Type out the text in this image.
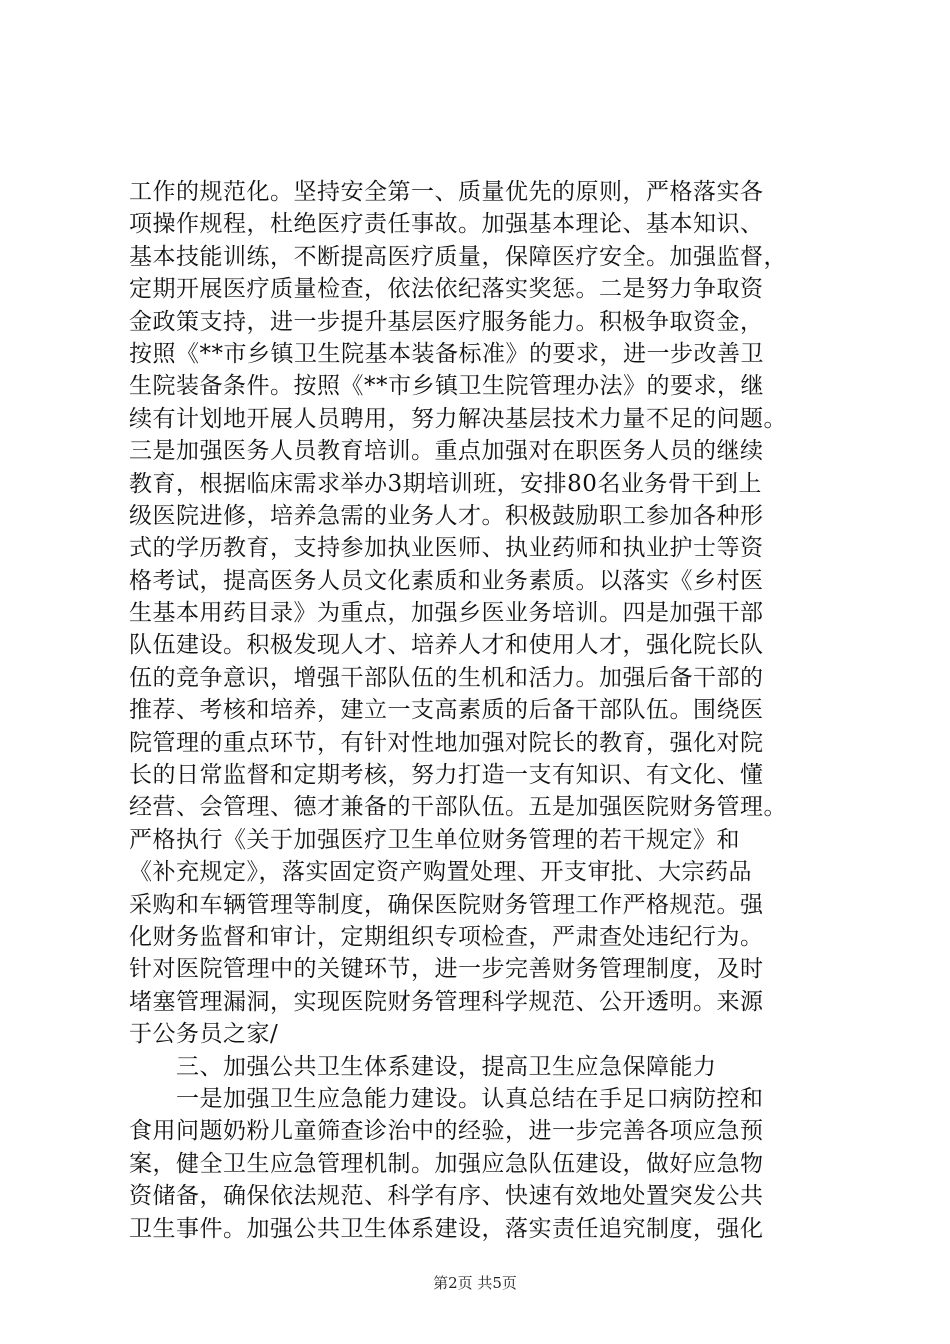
工作的规范化。坚持安全第一、质量优先的原则，严格落实各
项操作规程，杜绝医疗责任事故。加强基本理论、基本知识、
基本技能训练，不断提高医疗质量，保障医疗安全。加强监督，
定期开展医疗质量检查，依法依纪落实奖惩。二是努力争取资
金政策支持，进一步提升基层医疗服务能力。积极争取资金，
按照《**市乡镇卫生院基本装备标准》的要求，进一步改善卫
生院装备条件。按照《**市乡镇卫生院管理办法》的要求，继
续有计划地开展人员聘用，努力解决基层技术力量不足的问题。
三是加强医务人员教育培训。重点加强对在职医务人员的继续
教育，根据临床需求举办3期培训班，安排80名业务骨干到上
级医院进修，培养急需的业务人才。积极鼓励职工参加各种形
式的学历教育，支持参加执业医师、执业药师和执业护士等资
格考试，提高医务人员文化素质和业务素质。以落实《乡村医
生基本用药目录》为重点，加强乡医业务培训。四是加强干部
队伍建设。积极发现人才、培养人才和使用人才，强化院长队
伍的竞争意识，增强干部队伍的生机和活力。加强后备干部的
推荐、考核和培养，建立一支高素质的后备干部队伍。围绕医
院管理的重点环节，有针对性地加强对院长的教育，强化对院
长的日常监督和定期考核，努力打造一支有知识、有文化、懂
经营、会管理、德才兼备的干部队伍。五是加强医院财务管理。
严格执行《关于加强医疗卫生单位财务管理的若干规定》和
《补充规定》，落实固定资产购置处理、开支审批、大宗药品
采购和车辆管理等制度，确保医院财务管理工作严格规范。强
化财务监督和审计，定期组织专项检查，严肃查处违纪行为。
针对医院管理中的关键环节，进一步完善财务管理制度，及时
堵塞管理漏洞，实现医院财务管理科学规范、公开透明。来源
于公务员之家/
　　三、加强公共卫生体系建设，提高卫生应急保障能力
　　一是加强卫生应急能力建设。认真总结在手足口病防控和
食用问题奶粉儿童筛查诊治中的经验，进一步完善各项应急预
案，健全卫生应急管理机制。加强应急队伍建设，做好应急物
资储备，确保依法规范、科学有序、快速有效地处置突发公共
卫生事件。加强公共卫生体系建设，落实责任追究制度，强化
第2页 共5页
